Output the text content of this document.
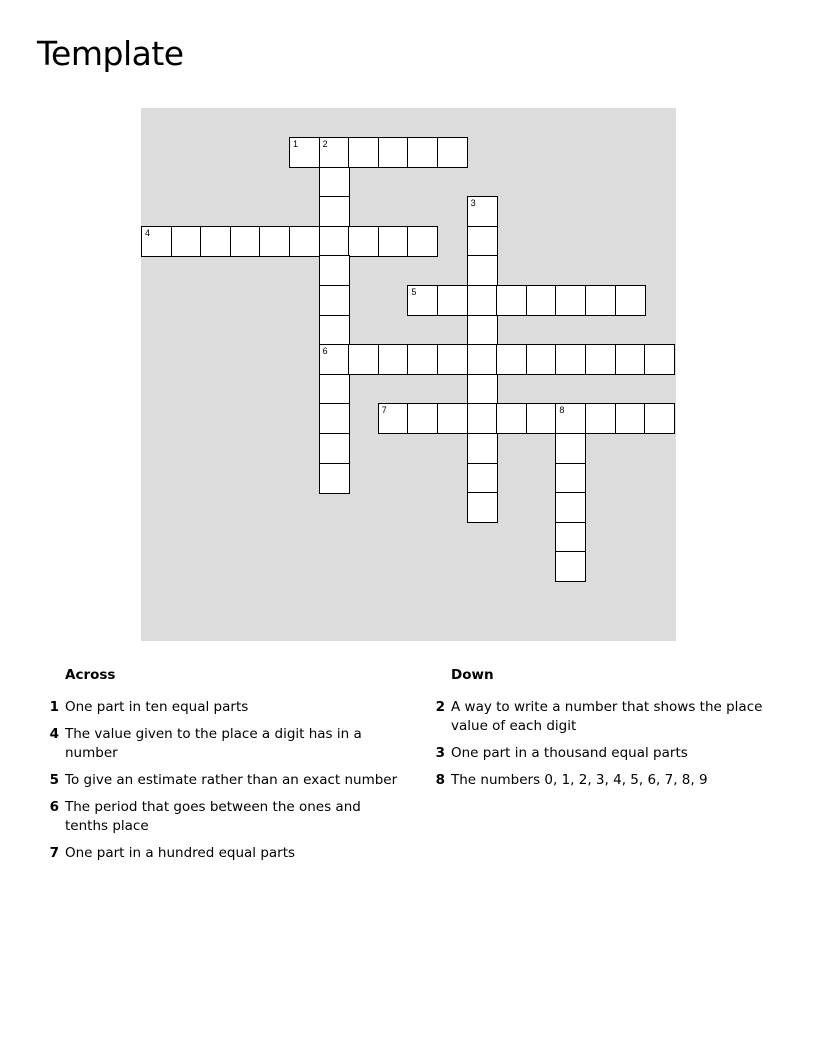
Template
1	2
3
4
5
6
7	8
Across
1 One part in ten equal parts
4 The value given to the place a digit has in a number
5 To give an estimate rather than an exact number
6 The period that goes between the ones and tenths place
7 One part in a hundred equal parts
Down
2 A way to write a number that shows the place value of each digit
3 One part in a thousand equal parts
8 The numbers 0, 1, 2, 3, 4, 5, 6, 7, 8, 9
